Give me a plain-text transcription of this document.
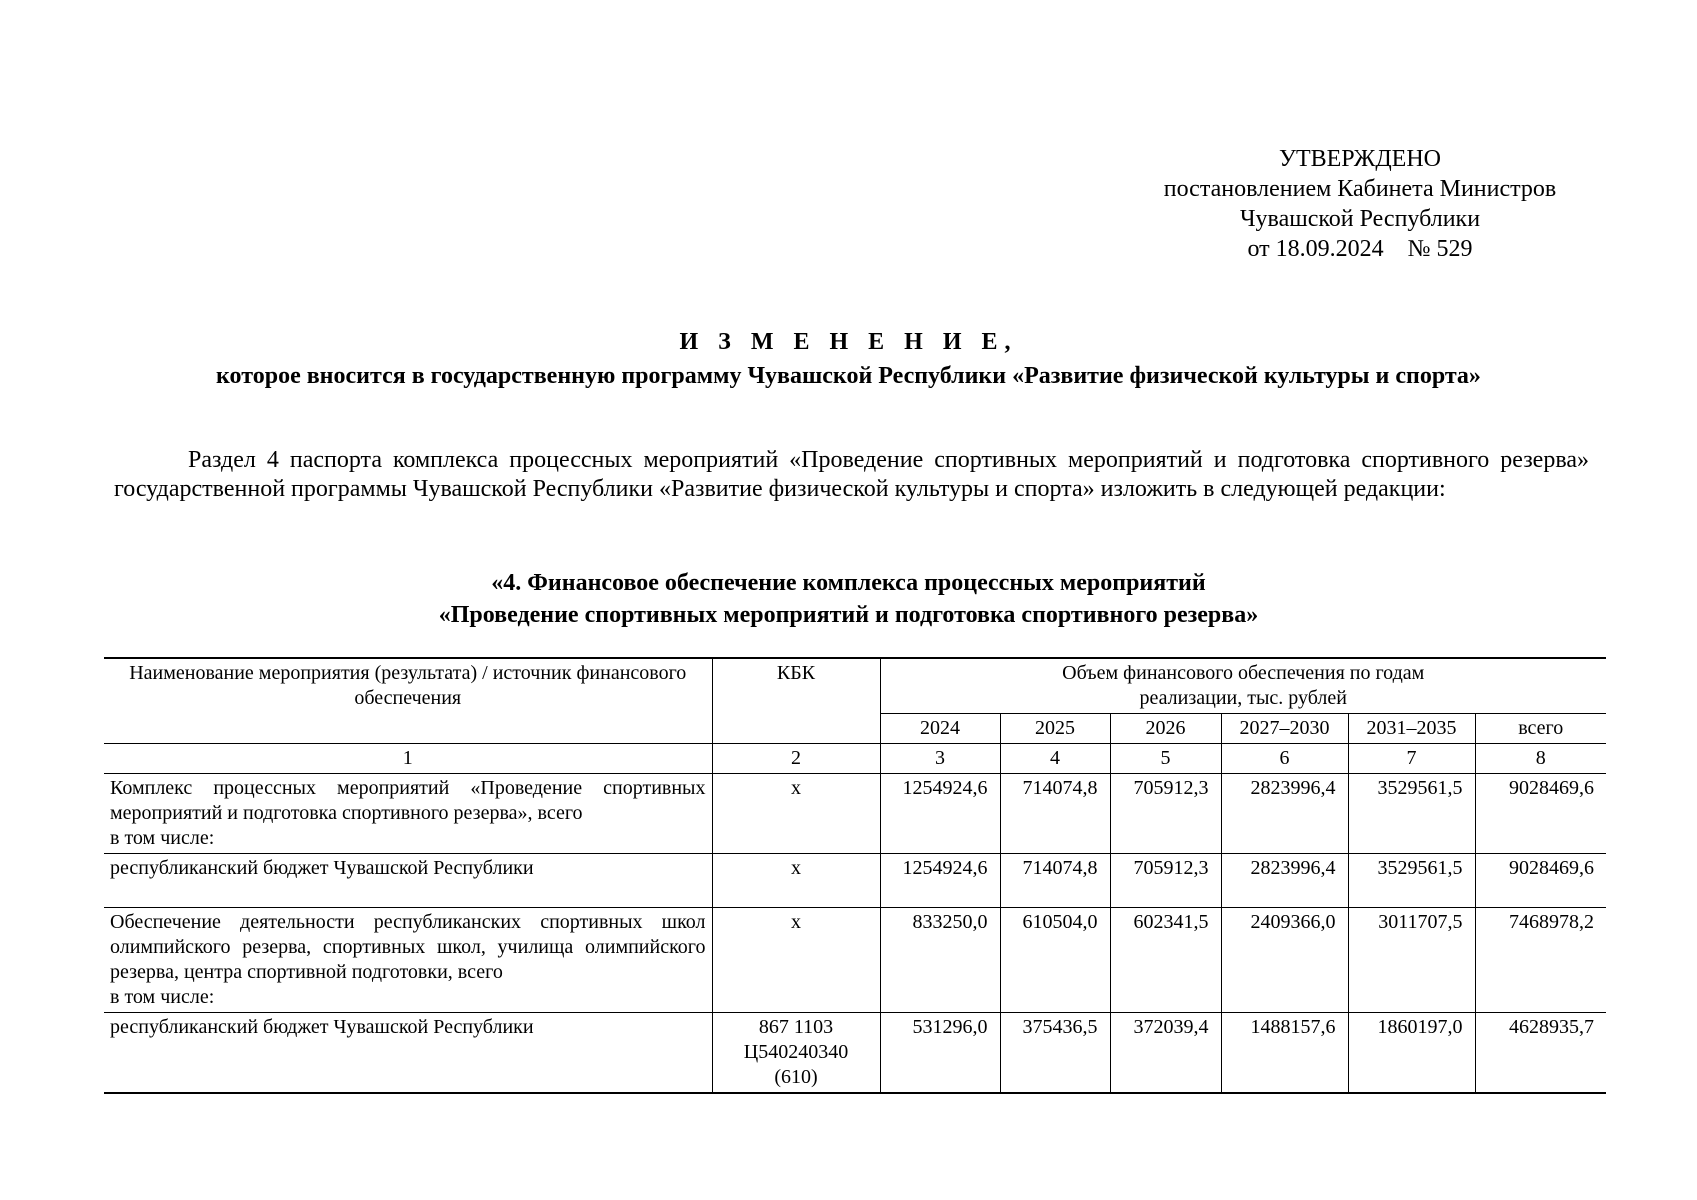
УТВЕРЖДЕНО
постановлением Кабинета Министров
Чувашской Республики
от 18.09.2024    № 529
И З М Е Н Е Н И Е,
которое вносится в государственную программу Чувашской Республики «Развитие физической культуры и спорта»
Раздел 4 паспорта комплекса процессных мероприятий «Проведение спортивных мероприятий и подготовка спортивного резерва» государственной программы Чувашской Республики «Развитие физической культуры и спорта» изложить в следующей редакции:
«4. Финансовое обеспечение комплекса процессных мероприятий
«Проведение спортивных мероприятий и подготовка спортивного резерва»
Наименование мероприятия (результата) / источник финансового обеспечения	КБК	Объем финансового обеспечения по годам реализации, тыс. рублей					
		2024	2025	2026	2027–2030	2031–2035	всего
1	2	3	4	5	6	7	8

Комплекс процессных мероприятий «Проведение спортивных мероприятий и подготовка спортивного резерва», всего
в том числе:	х	1254924,6	714074,8	705912,3	2823996,4	3529561,5	9028469,6

республиканский бюджет Чувашской Республики	х	1254924,6	714074,8	705912,3	2823996,4	3529561,5	9028469,6

Обеспечение деятельности республиканских спортивных школ олимпийского резерва, спортивных школ, училища олимпийского резерва, центра спортивной подготовки, всего
в том числе:	х	833250,0	610504,0	602341,5	2409366,0	3011707,5	7468978,2

республиканский бюджет Чувашской Республики	867 1103 Ц540240340 (610)	531296,0	375436,5	372039,4	1488157,6	1860197,0	4628935,7
